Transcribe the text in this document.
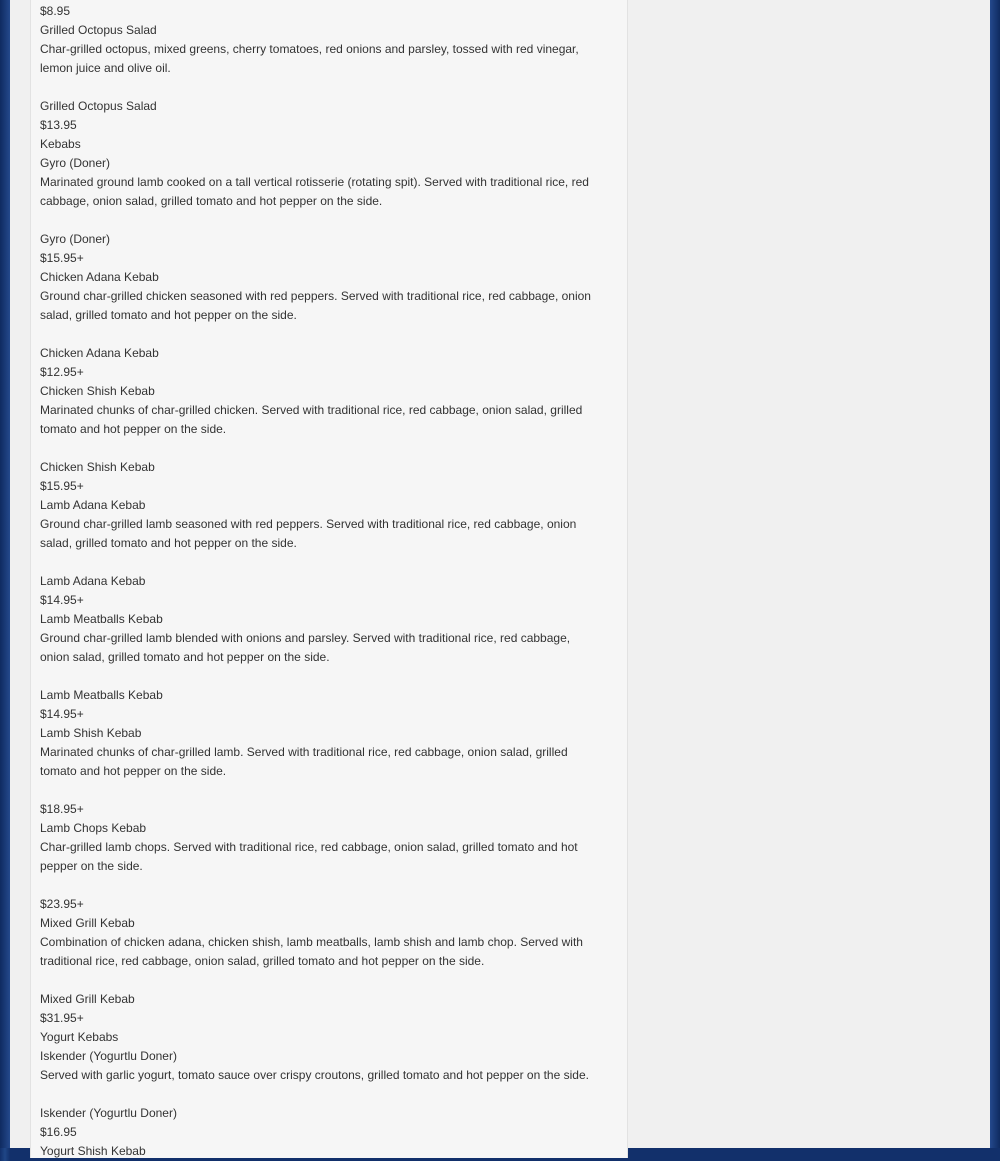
$8.95
Grilled Octopus Salad
Char-grilled octopus, mixed greens, cherry tomatoes, red onions and parsley, tossed with red vinegar, lemon juice and olive oil.
Grilled Octopus Salad
$13.95
Kebabs
Gyro (Doner)
Marinated ground lamb cooked on a tall vertical rotisserie (rotating spit). Served with traditional rice, red cabbage, onion salad, grilled tomato and hot pepper on the side.
Gyro (Doner)
$15.95+
Chicken Adana Kebab
Ground char-grilled chicken seasoned with red peppers. Served with traditional rice, red cabbage, onion salad, grilled tomato and hot pepper on the side.
Chicken Adana Kebab
$12.95+
Chicken Shish Kebab
Marinated chunks of char-grilled chicken. Served with traditional rice, red cabbage, onion salad, grilled tomato and hot pepper on the side.
Chicken Shish Kebab
$15.95+
Lamb Adana Kebab
Ground char-grilled lamb seasoned with red peppers. Served with traditional rice, red cabbage, onion salad, grilled tomato and hot pepper on the side.
Lamb Adana Kebab
$14.95+
Lamb Meatballs Kebab
Ground char-grilled lamb blended with onions and parsley. Served with traditional rice, red cabbage, onion salad, grilled tomato and hot pepper on the side.
Lamb Meatballs Kebab
$14.95+
Lamb Shish Kebab
Marinated chunks of char-grilled lamb. Served with traditional rice, red cabbage, onion salad, grilled tomato and hot pepper on the side.
$18.95+
Lamb Chops Kebab
Char-grilled lamb chops. Served with traditional rice, red cabbage, onion salad, grilled tomato and hot pepper on the side.
$23.95+
Mixed Grill Kebab
Combination of chicken adana, chicken shish, lamb meatballs, lamb shish and lamb chop. Served with traditional rice, red cabbage, onion salad, grilled tomato and hot pepper on the side.
Mixed Grill Kebab
$31.95+
Yogurt Kebabs
Iskender (Yogurtlu Doner)
Served with garlic yogurt, tomato sauce over crispy croutons, grilled tomato and hot pepper on the side.
Iskender (Yogurtlu Doner)
$16.95
Yogurt Shish Kebab
